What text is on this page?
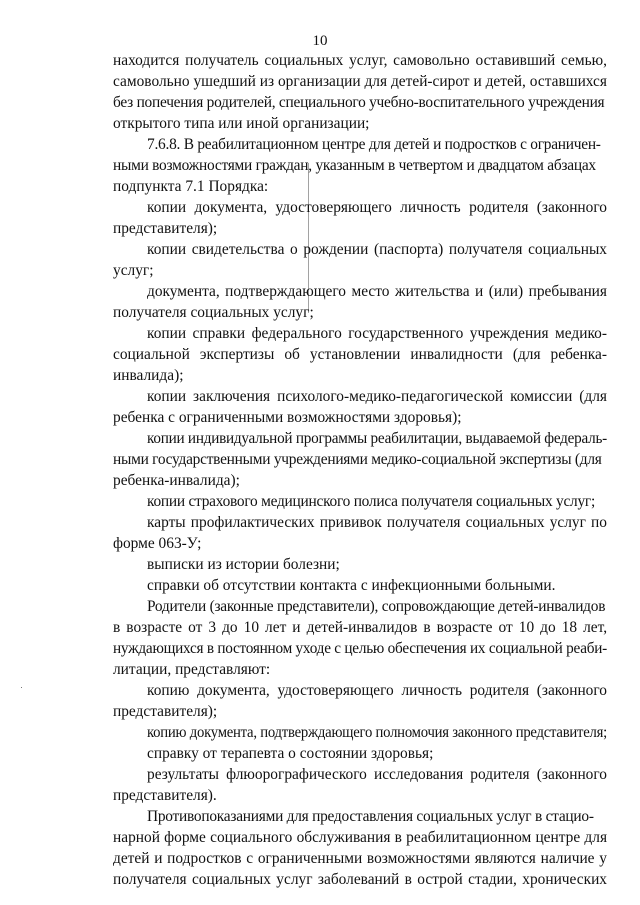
10
находится получатель социальных услуг, самовольно оставивший семью,
самовольно ушедший из организации для детей-сирот и детей, оставшихся
без попечения родителей, специального учебно-воспитательного учреждения
открытого типа или иной организации;
7.6.8. В реабилитационном центре для детей и подростков с ограничен-
ными возможностями граждан, указанным в четвертом и двадцатом абзацах
подпункта 7.1 Порядка:
копии документа, удостоверяющего личность родителя (законного
представителя);
копии свидетельства о рождении (паспорта) получателя социальных
услуг;
документа, подтверждающего место жительства и (или) пребывания
получателя социальных услуг;
копии справки федерального государственного учреждения медико-
социальной экспертизы об установлении инвалидности (для ребенка-
инвалида);
копии заключения психолого-медико-педагогической комиссии (для
ребенка с ограниченными возможностями здоровья);
копии индивидуальной программы реабилитации, выдаваемой федераль-
ными государственными учреждениями медико-социальной экспертизы (для
ребенка-инвалида);
копии страхового медицинского полиса получателя социальных услуг;
карты профилактических прививок получателя социальных услуг по
форме 063-У;
выписки из истории болезни;
справки об отсутствии контакта с инфекционными больными.
Родители (законные представители), сопровождающие детей-инвалидов
в возрасте от 3 до 10 лет и детей-инвалидов в возрасте от 10 до 18 лет,
нуждающихся в постоянном уходе с целью обеспечения их социальной реаби-
литации, представляют:
копию документа, удостоверяющего личность родителя (законного
представителя);
копию документа, подтверждающего полномочия законного представителя;
справку от терапевта о состоянии здоровья;
результаты флюорографического исследования родителя (законного
представителя).
Противопоказаниями для предоставления социальных услуг в стацио-
нарной форме социального обслуживания в реабилитационном центре для
детей и подростков с ограниченными возможностями являются наличие у
получателя социальных услуг заболеваний в острой стадии, хронических
